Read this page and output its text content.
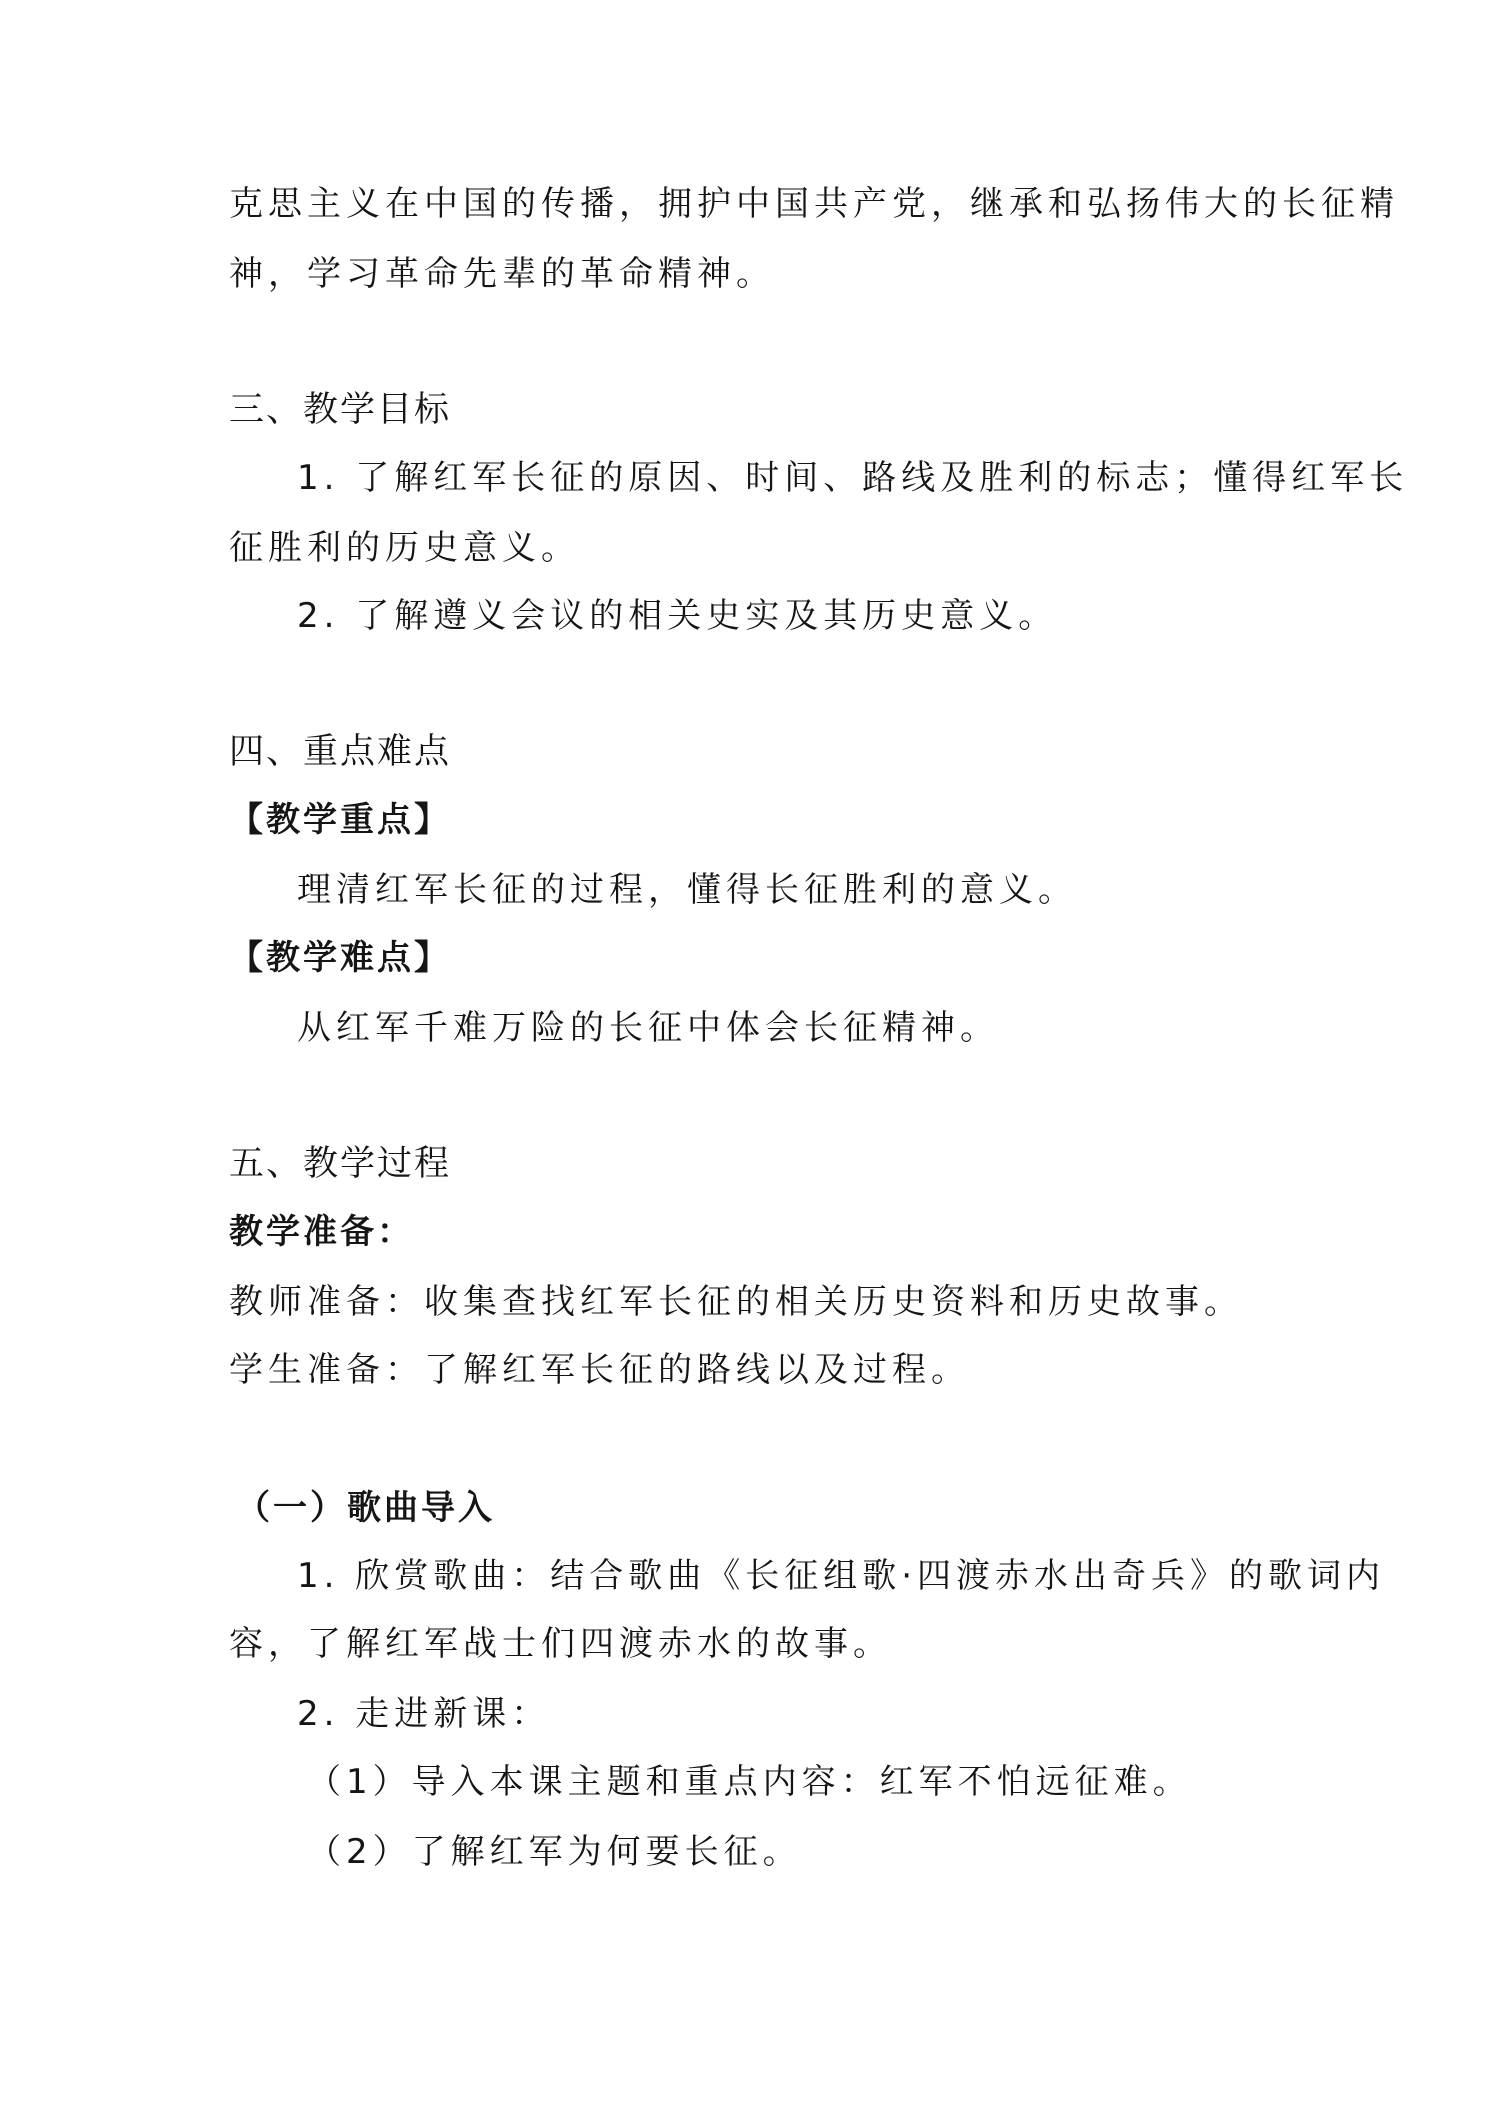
克思主义在中国的传播，拥护中国共产党，继承和弘扬伟大的长征精
神，学习革命先辈的革命精神。
三、教学目标
1. 了解红军长征的原因、时间、路线及胜利的标志；懂得红军长
征胜利的历史意义。
2. 了解遵义会议的相关史实及其历史意义。
四、重点难点
【教学重点】
理清红军长征的过程，懂得长征胜利的意义。
【教学难点】
从红军千难万险的长征中体会长征精神。
五、教学过程
教学准备：
教师准备：收集查找红军长征的相关历史资料和历史故事。
学生准备：了解红军长征的路线以及过程。
（一）歌曲导入
1. 欣赏歌曲：结合歌曲《长征组歌·四渡赤水出奇兵》的歌词内
容，了解红军战士们四渡赤水的故事。
2. 走进新课：
（1）导入本课主题和重点内容：红军不怕远征难。
（2）了解红军为何要长征。
